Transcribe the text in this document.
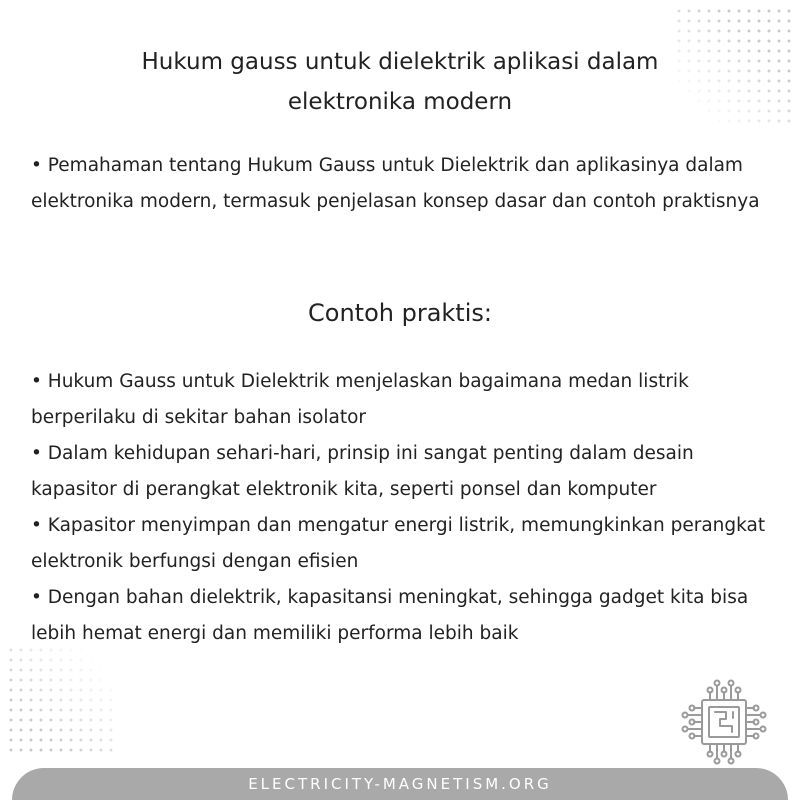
Hukum gauss untuk dielektrik aplikasi dalam
elektronika modern

• Pemahaman tentang Hukum Gauss untuk Dielektrik dan aplikasinya dalam elektronika modern, termasuk penjelasan konsep dasar dan contoh praktisnya

Contoh praktis:
• Hukum Gauss untuk Dielektrik menjelaskan bagaimana medan listrik berperilaku di sekitar bahan isolator
• Dalam kehidupan sehari-hari, prinsip ini sangat penting dalam desain kapasitor di perangkat elektronik kita, seperti ponsel dan komputer
• Kapasitor menyimpan dan mengatur energi listrik, memungkinkan perangkat elektronik berfungsi dengan efisien
• Dengan bahan dielektrik, kapasitansi meningkat, sehingga gadget kita bisa lebih hemat energi dan memiliki performa lebih baik
ELECTRICITY-MAGNETISM.ORG
